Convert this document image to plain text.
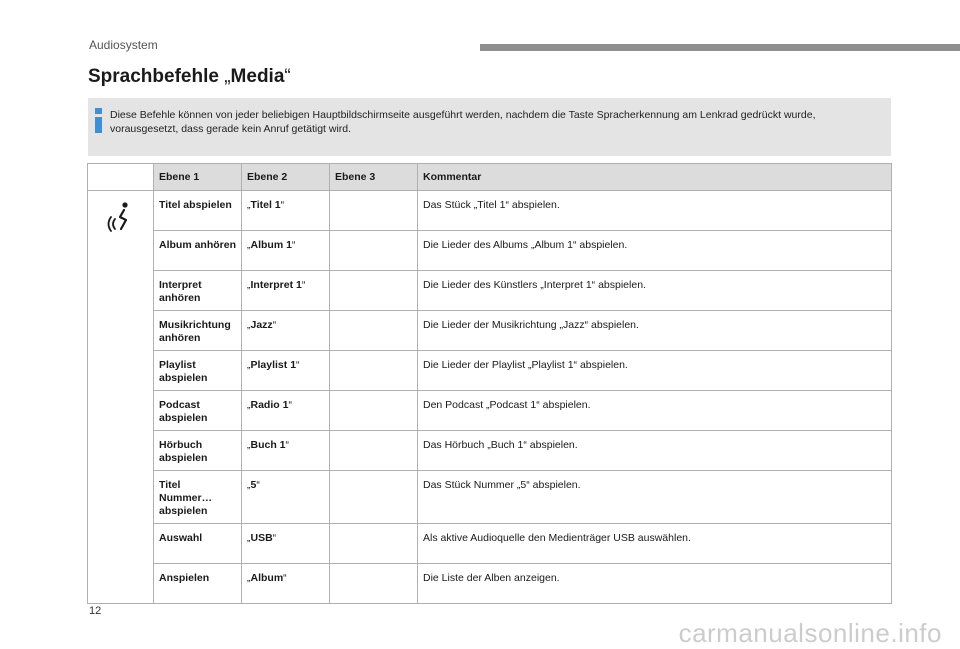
Audiosystem
Sprachbefehle „Media“
Diese Befehle können von jeder beliebigen Hauptbildschirmseite ausgeführt werden, nachdem die Taste Spracherkennung am Lenkrad gedrückt wurde, vorausgesetzt, dass gerade kein Anruf getätigt wird.
	Ebene 1	Ebene 2	Ebene 3	Kommentar
	Titel abspielen	„Titel 1“		Das Stück „Titel 1“ abspielen.
	Album anhören	„Album 1“		Die Lieder des Albums „Album 1“ abspielen.
	Interpret anhören	„Interpret 1“		Die Lieder des Künstlers „Interpret 1“ abspielen.
	Musikrichtung anhören	„Jazz“		Die Lieder der Musikrichtung „Jazz“ abspielen.
	Playlist abspielen	„Playlist 1“		Die Lieder der Playlist „Playlist 1“ abspielen.
	Podcast abspielen	„Radio 1“		Den Podcast „Podcast 1“ abspielen.
	Hörbuch abspielen	„Buch 1“		Das Hörbuch „Buch 1“ abspielen.
	Titel Nummer… abspielen	„5“		Das Stück Nummer „5“ abspielen.
	Auswahl	„USB“		Als aktive Audioquelle den Medienträger USB auswählen.
	Anspielen	„Album“		Die Liste der Alben anzeigen.
12
carmanualsonline.info
